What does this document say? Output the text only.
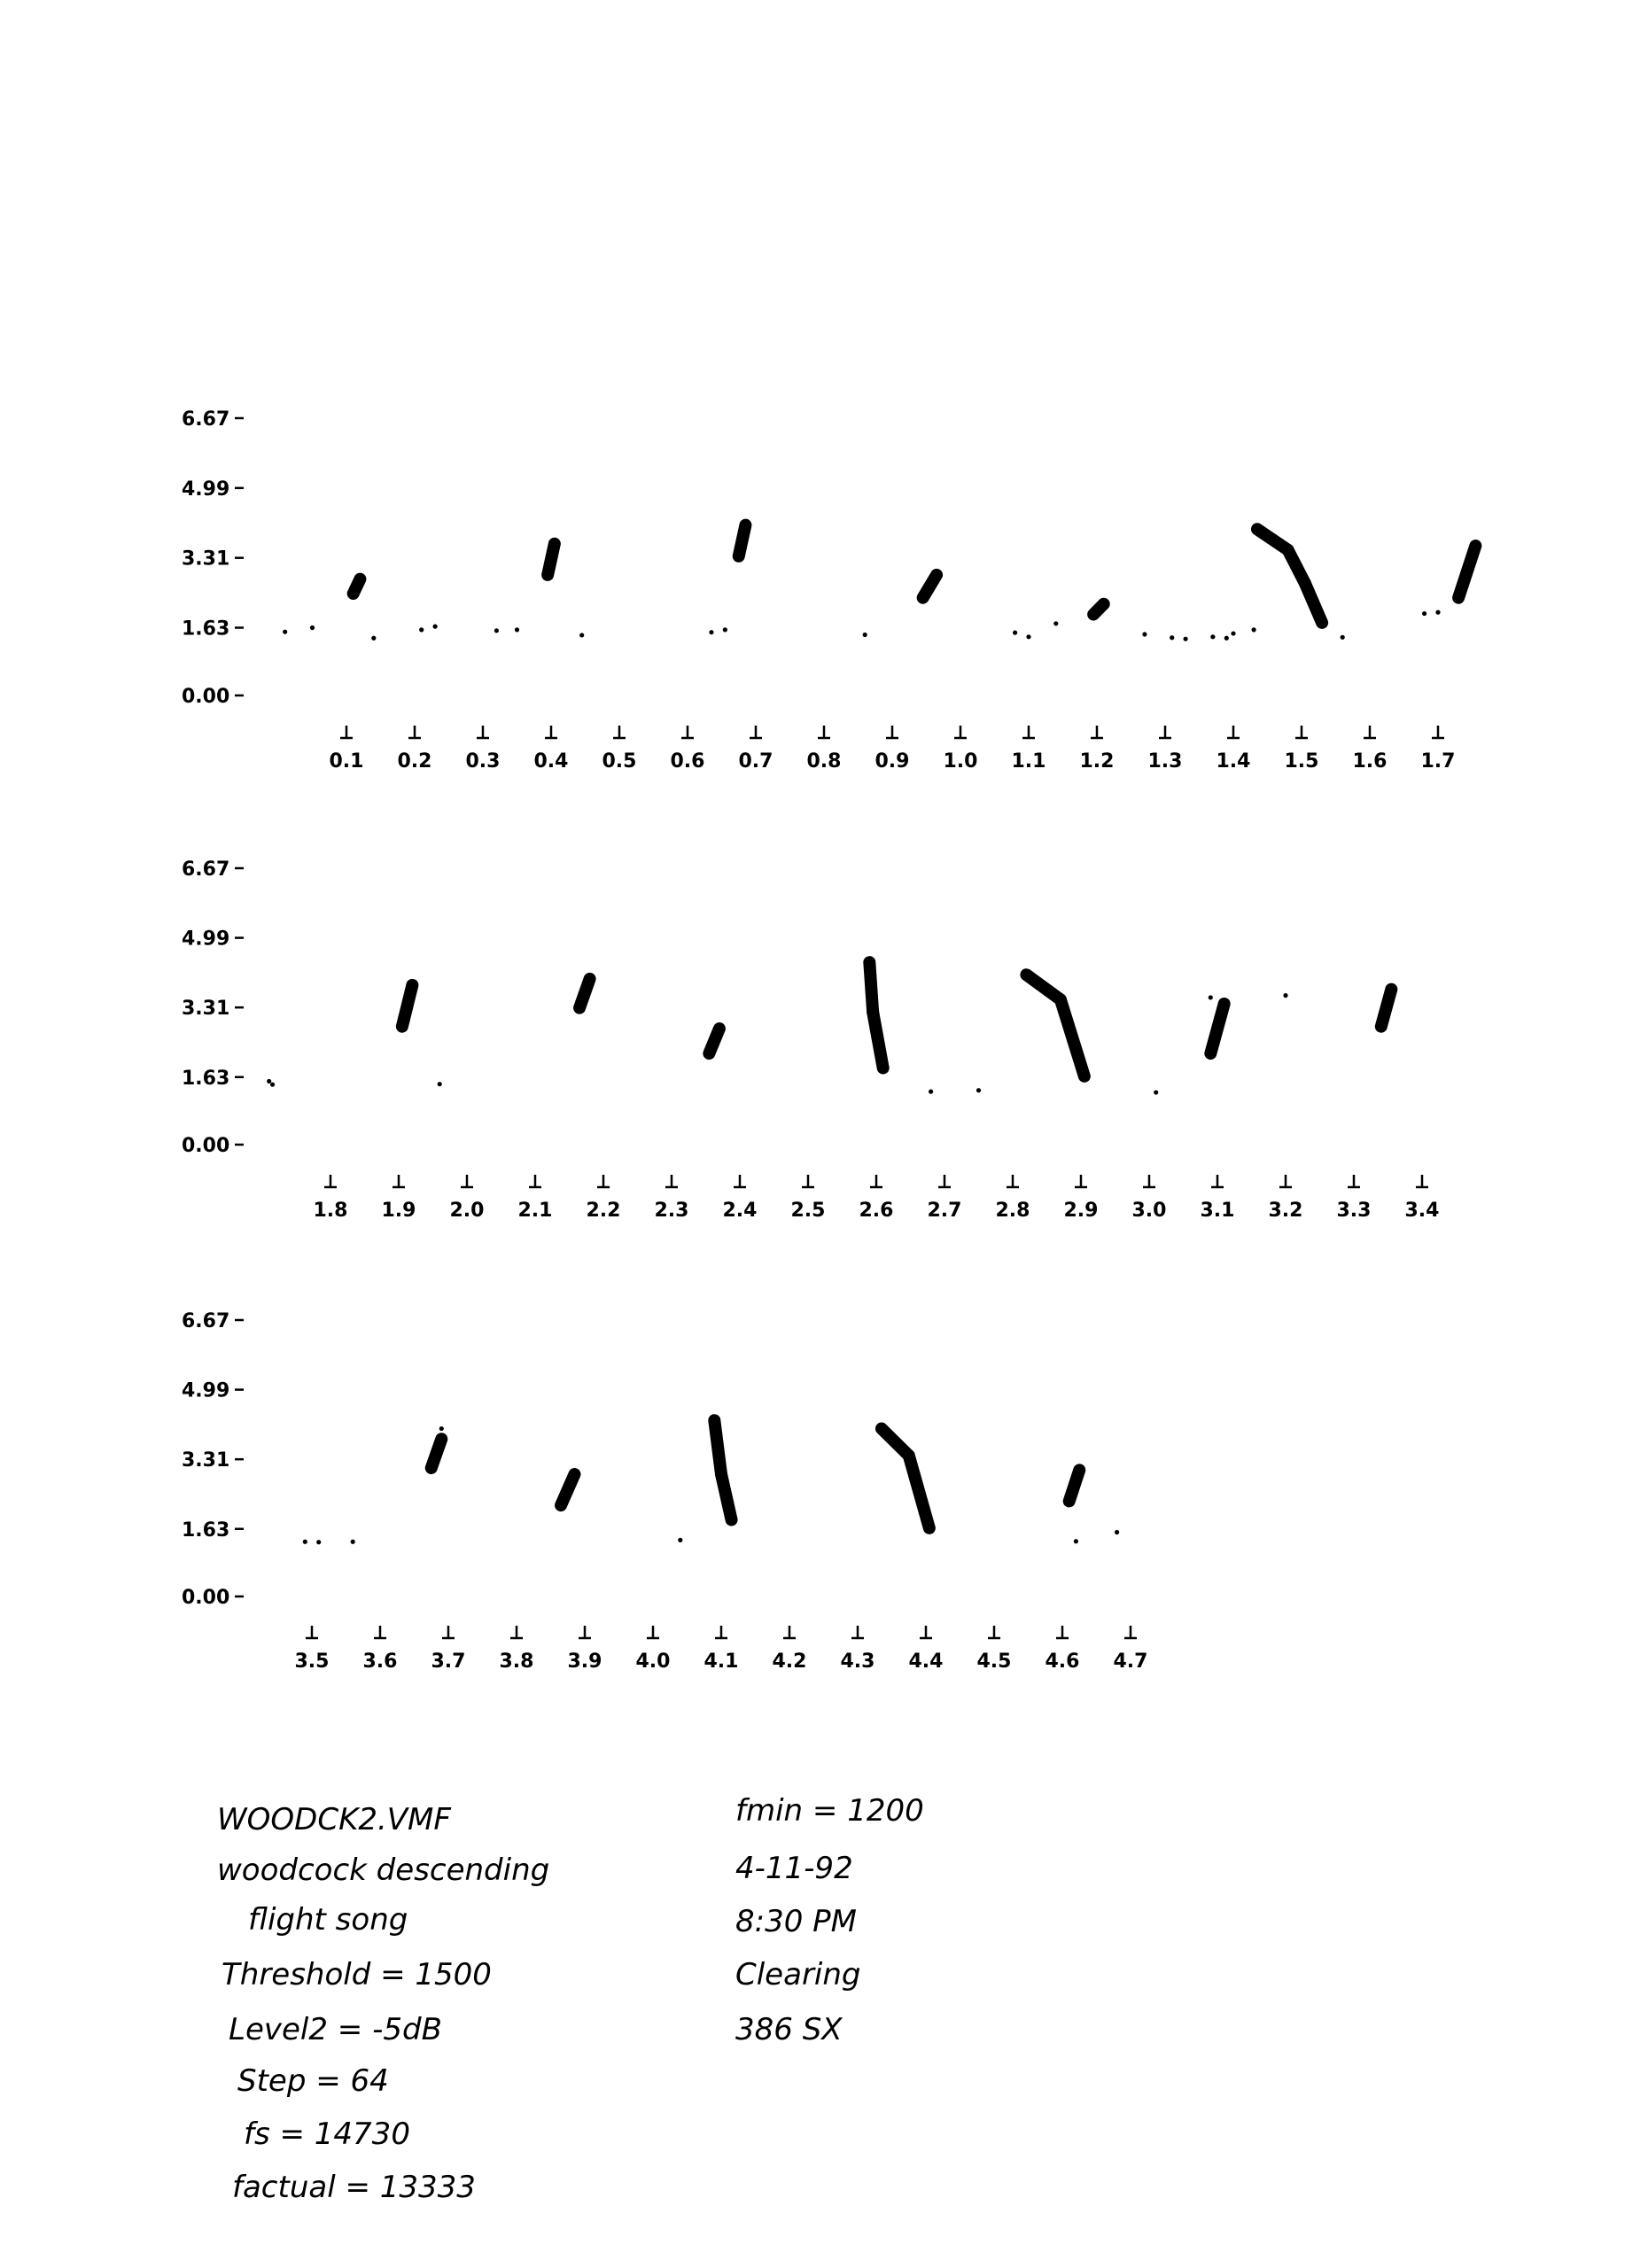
6.67
4.99
3.31
1.63
0.00
0.1 0.2 0.3 0.4 0.5 0.6 0.7 0.8 0.9 1.0 1.1 1.2 1.3 1.4 1.5 1.6 1.7
6.67
4.99
3.31
1.63
0.00
1.8 1.9 2.0 2.1 2.2 2.3 2.4 2.5 2.6 2.7 2.8 2.9 3.0 3.1 3.2 3.3 3.4
6.67
4.99
3.31
1.63
0.00
3.5 3.6 3.7 3.8 3.9 4.0 4.1 4.2 4.3 4.4 4.5 4.6 4.7
WOODCK2.VMF
woodcock descending
flight song
Threshold = 1500
Level2 = -5dB
Step = 64
fs = 14730
factual = 13333
fmin = 1200
4-11-92
8:30 PM
Clearing
386 SX
